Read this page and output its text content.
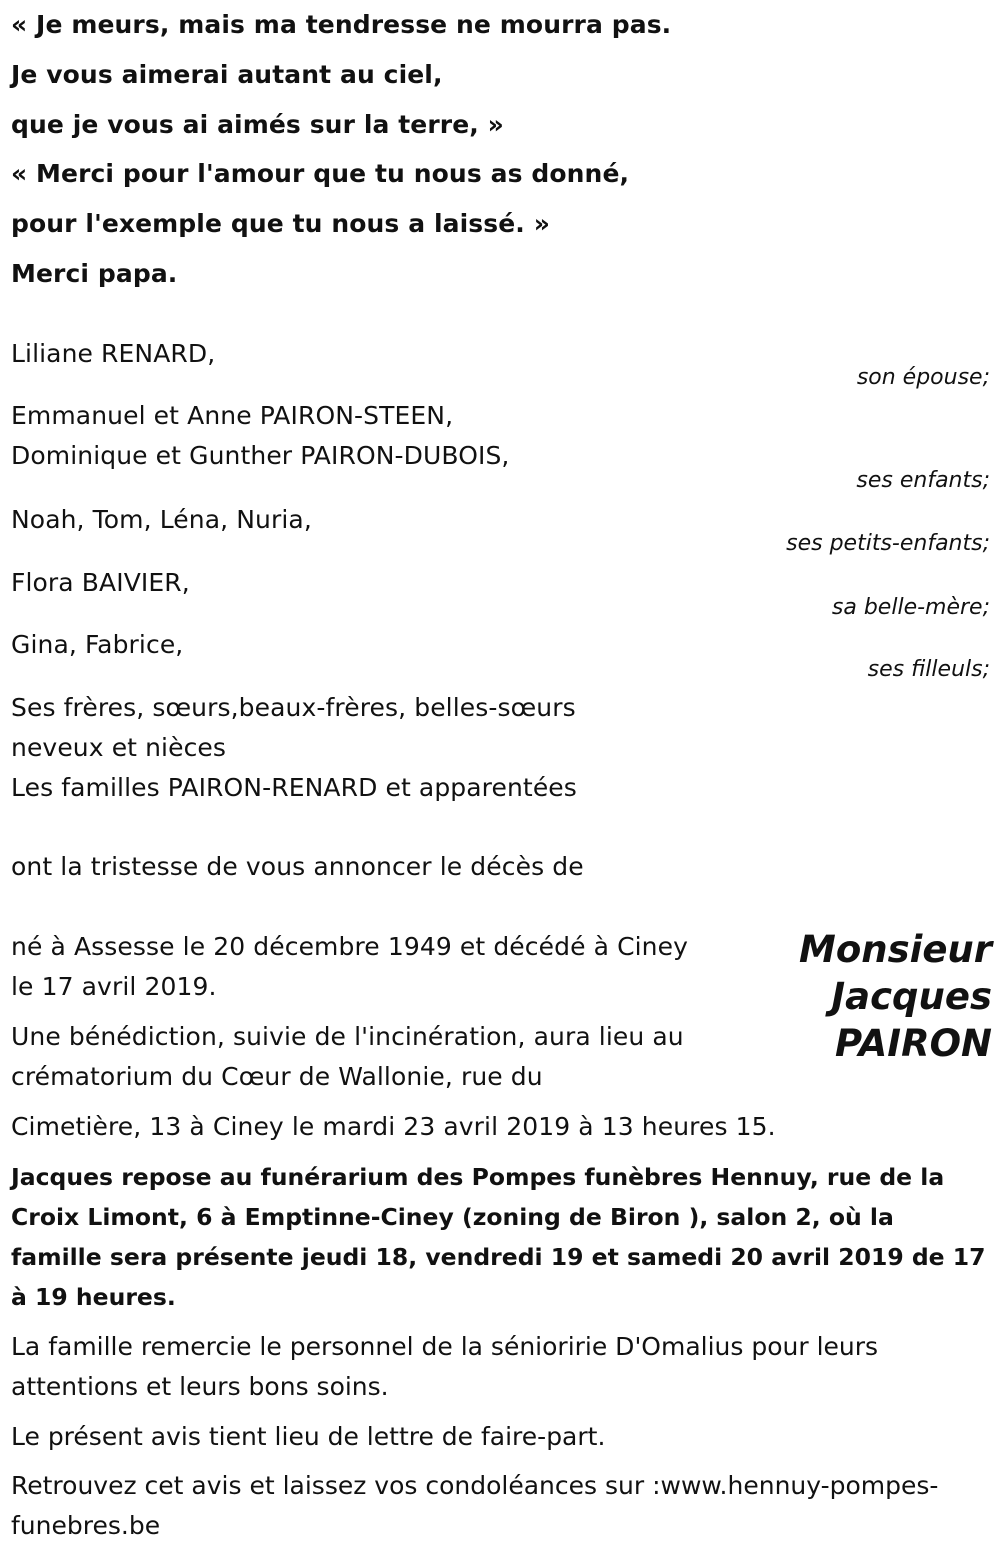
« Je meurs, mais ma tendresse ne mourra pas.
Je vous aimerai autant au ciel,
que je vous ai aimés sur la terre, »
« Merci pour l'amour que tu nous as donné,
pour l'exemple que tu nous a laissé. »
Merci papa.
Liliane RENARD,
son épouse;
Emmanuel et Anne PAIRON-STEEN,
Dominique et Gunther PAIRON-DUBOIS,
ses enfants;
Noah, Tom, Léna, Nuria,
ses petits-enfants;
Flora BAIVIER,
sa belle-mère;
Gina, Fabrice,
ses filleuls;
Ses frères, sœurs,beaux-frères, belles-sœurs
neveux et nièces
Les familles PAIRON-RENARD et apparentées
ont la tristesse de vous annoncer le décès de
Monsieur
Jacques
PAIRON
né à Assesse le 20 décembre 1949 et décédé à Ciney
le 17 avril 2019.
Une bénédiction, suivie de l'incinération, aura lieu au
crématorium du Cœur de Wallonie, rue du
Cimetière, 13 à Ciney le mardi 23 avril 2019 à 13 heures 15.
Jacques repose au funérarium des Pompes funèbres Hennuy, rue de la Croix Limont, 6 à Emptinne-Ciney (zoning de Biron ), salon 2, où la famille sera présente jeudi 18, vendredi 19 et samedi 20 avril 2019 de 17 à 19 heures.
La famille remercie le personnel de la sénioririe D'Omalius pour leurs attentions et leurs bons soins.
Le présent avis tient lieu de lettre de faire-part.
Retrouvez cet avis et laissez vos condoléances sur :www.hennuy-pompes-funebres.be
